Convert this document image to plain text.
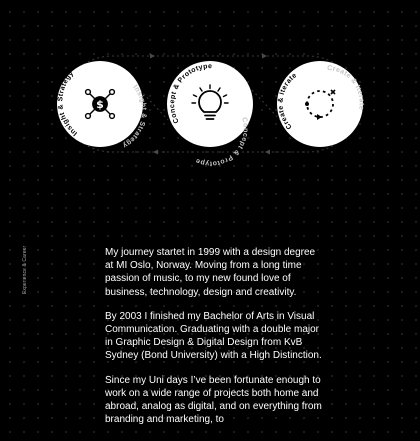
Insight & Strategy
Insight & Strategy
$
Concept & Prototype
Concept & Prototype
Create & Iterate
Create & Iterate
Experience & Career	My journey startet in 1999 with a design degree at MI Oslo, Norway. Moving from a long time passion of music, to my new found love of business, technology, design and creativity.

By 2003 I finished my Bachelor of Arts in Visual Communication. Graduating with a double major in Graphic Design & Digital Design from KvB Sydney (Bond University) with a High Distinction.

Since my Uni days I’ve been fortunate enough to work on a wide range of projects both home and abroad, analog as digital, and on everything from branding and marketing, to
